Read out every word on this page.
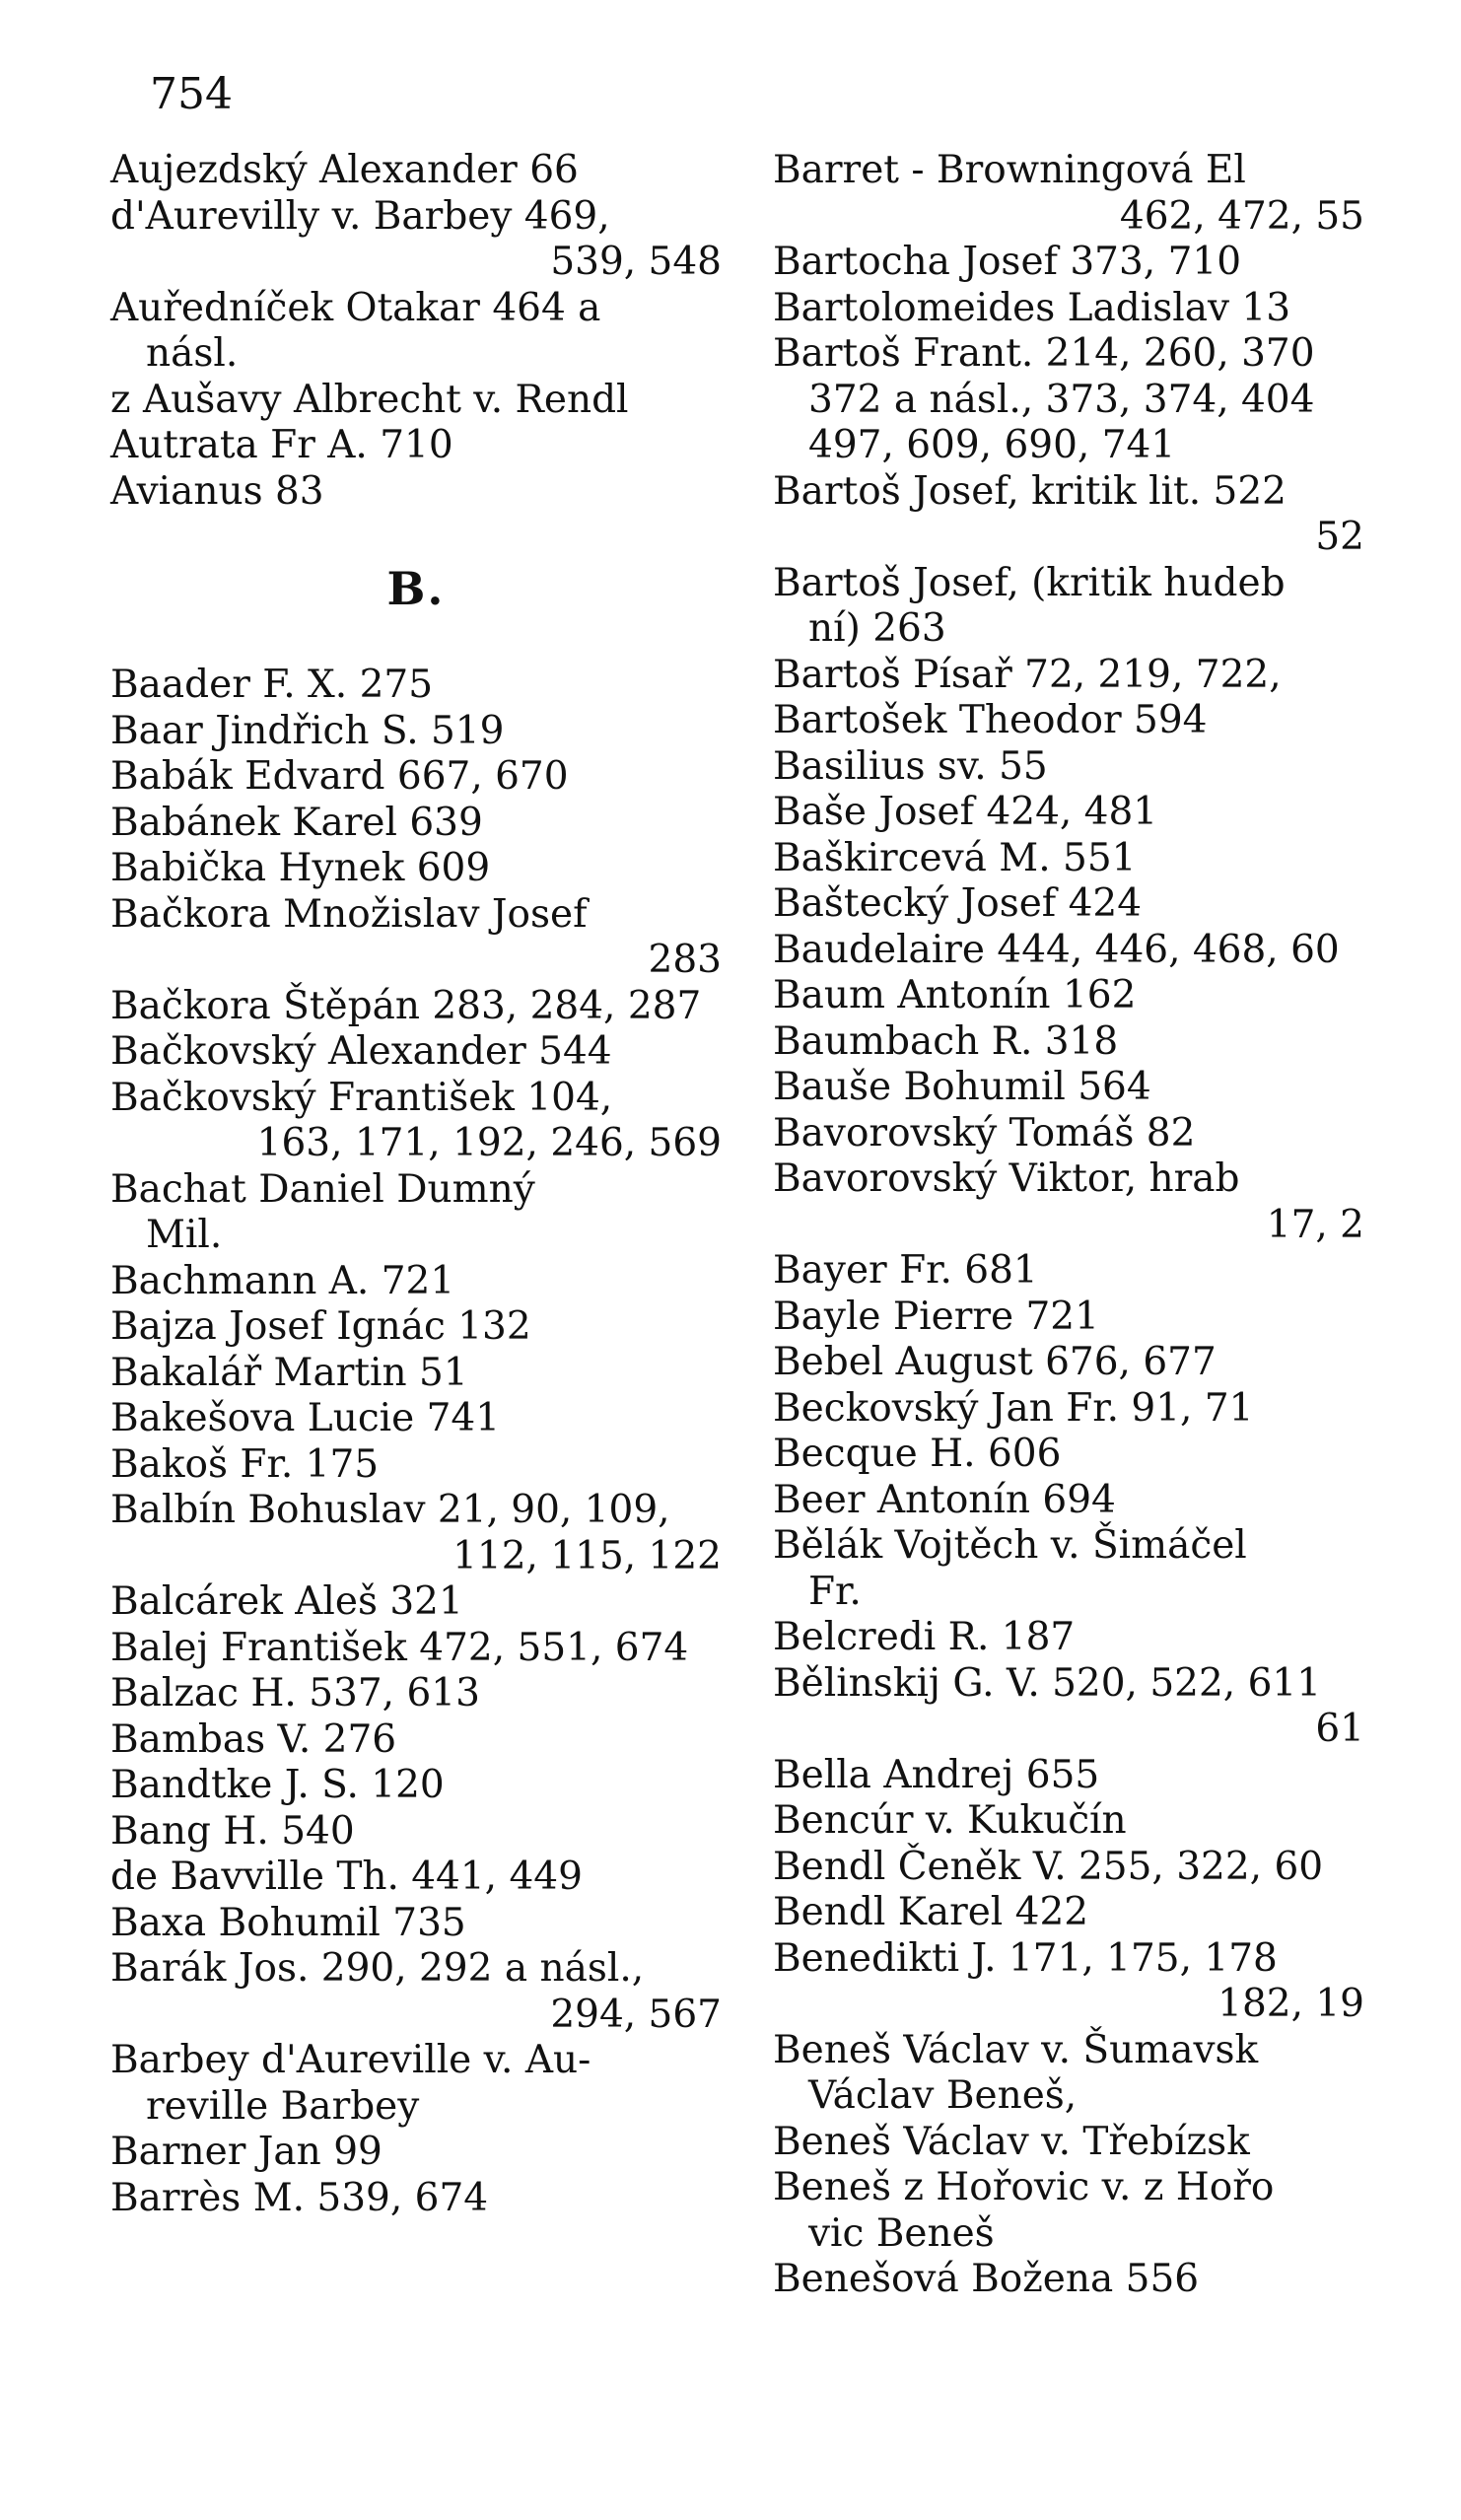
754
Aujezdský Alexander 66
d'Aurevilly v. Barbey 469,
539, 548
Auředníček Otakar 464 a
násl.
z Aušavy Albrecht v. Rendl
Autrata Fr A. 710
Avianus 83
B.
Baader F. X. 275
Baar Jindřich S. 519
Babák Edvard 667, 670
Babánek Karel 639
Babička Hynek 609
Bačkora Množislav Josef
283
Bačkora Štěpán 283, 284, 287
Bačkovský Alexander 544
Bačkovský František 104,
163, 171, 192, 246, 569
Bachat Daniel Dumný
Mil.
Bachmann A. 721
Bajza Josef Ignác 132
Bakalář Martin 51
Bakešova Lucie 741
Bakoš Fr. 175
Balbín Bohuslav 21, 90, 109,
112, 115, 122
Balcárek Aleš 321
Balej František 472, 551, 674
Balzac H. 537, 613
Bambas V. 276
Bandtke J. S. 120
Bang H. 540
de Bavville Th. 441, 449
Baxa Bohumil 735
Barák Jos. 290, 292 a násl.,
294, 567
Barbey d'Aureville v. Au-
reville Barbey
Barner Jan 99
Barrès M. 539, 674
Barret - Browningová El
462, 472, 55
Bartocha Josef 373, 710
Bartolomeides Ladislav 13
Bartoš Frant. 214, 260, 370
372 a násl., 373, 374, 404
497, 609, 690, 741
Bartoš Josef, kritik lit. 522
52
Bartoš Josef, (kritik hudeb
ní) 263
Bartoš Písař 72, 219, 722,
Bartošek Theodor 594
Basilius sv. 55
Baše Josef 424, 481
Baškircevá M. 551
Baštecký Josef 424
Baudelaire 444, 446, 468, 60
Baum Antonín 162
Baumbach R. 318
Bauše Bohumil 564
Bavorovský Tomáš 82
Bavorovský Viktor, hrab
17, 2
Bayer Fr. 681
Bayle Pierre 721
Bebel August 676, 677
Beckovský Jan Fr. 91, 71
Becque H. 606
Beer Antonín 694
Bělák Vojtěch v. Šimáčel
Fr.
Belcredi R. 187
Bělinskij G. V. 520, 522, 611
61
Bella Andrej 655
Bencúr v. Kukučín
Bendl Čeněk V. 255, 322, 60
Bendl Karel 422
Benedikti J. 171, 175, 178
182, 19
Beneš Václav v. Šumavsk
Václav Beneš,
Beneš Václav v. Třebízsk
Beneš z Hořovic v. z Hořo
vic Beneš
Benešová Božena 556
